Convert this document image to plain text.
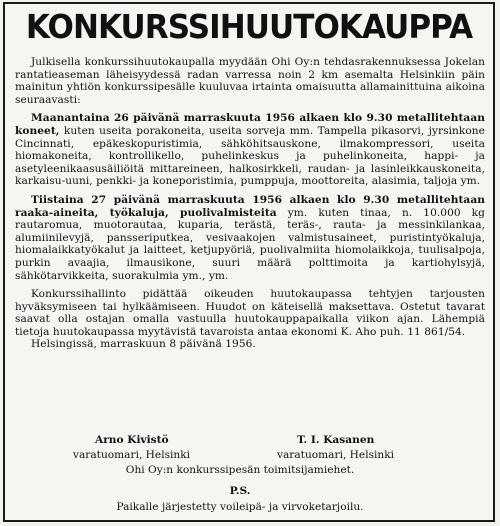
KONKURSSIHUUTOKAUPPA

Julkisella konkurssihuutokaupalla myydään Ohi Oy:n tehdasrakennuksessa Jokelan rantatieaseman läheisyydessä radan varressa noin 2 km asemalta Helsinkiin päin mainitun yhtiön konkurssipesälle kuuluvaa irtainta omaisuutta allamainittuina aikoina seuraavasti:

Maanantaina 26 päivänä marraskuuta 1956 alkaen klo 9.30 metallitehtaan koneet, kuten useita porakoneita, useita sorveja mm. Tampella pikasorvi, jyrsinkone Cincinnati, epäkeskopuristimia, sähköhitsauskone, ilmakompressori, useita hiomakoneita, kontrollikello, puhelinkeskus ja puhelinkoneita, happi- ja asetyleenikaasusäiliöitä mittareineen, halkosirkkeli, raudan- ja lasinleikkauskoneita, karkaisu-uuni, penkki- ja koneporistimia, pumppuja, moottoreita, alasimia, taljoja ym.

Tiistaina 27 päivänä marraskuuta 1956 alkaen klo 9.30 metallitehtaan raaka-aineita, työkaluja, puolivalmisteita ym. kuten tinaa, n. 10.000 kg rautaromua, muotorautaa, kuparia, terästä, teräs-, rauta- ja messinkilankaa, alumiinilevyjä, pansseriputkea, vesivaakojen valmistusaineet, puristintyökaluja, hiomalaikkatyökalut ja laitteet, ketjupyöriä, puolivalmiita hiomolaikkoja, tuulisalpoja, purkin avaajia, ilmausikone, suuri määrä polttimoita ja kartiohylsyjä, sähkötarvikkeita, suorakulmia ym., ym.

Konkurssihallinto pidättää oikeuden huutokaupassa tehtyjen tarjousten hyväksymiseen tai hylkäämiseen. Huudot on käteisellä maksettava. Ostetut tavarat saavat olla ostajan omalla vastuulla huutokauppapaikalla viikon ajan. Lähempiä tietoja huutokaupassa myytävistä tavaroista antaa ekonomi K. Aho puh. 11 861/54.

Helsingissä, marraskuun 8 päivänä 1956.

Arno Kivistö	T. I. Kasanen
varatuomari, Helsinki	varatuomari, Helsinki
Ohi Oy:n konkurssipesän toimitsijamiehet.
P.S.
Paikalle järjestetty voileipä- ja virvoketarjoilu.
